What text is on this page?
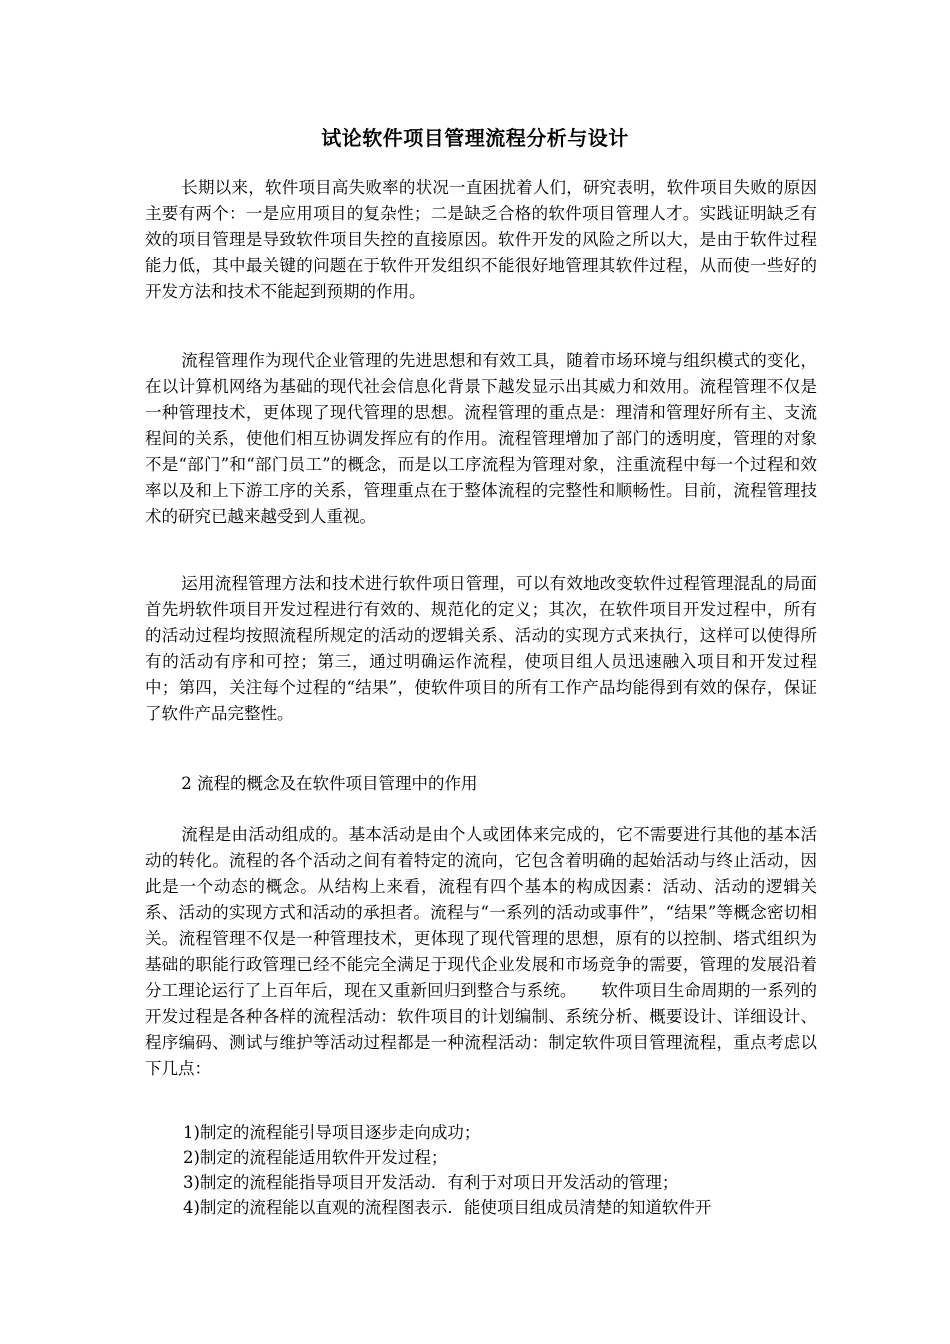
试论软件项目管理流程分析与设计

长期以来，软件项目高失败率的状况一直困扰着人们，研究表明，软件项目失败的原因主要有两个：一是应用项目的复杂性；二是缺乏合格的软件项目管理人才。实践证明缺乏有效的项目管理是导致软件项目失控的直接原因。软件开发的风险之所以大，是由于软件过程能力低，其中最关键的问题在于软件开发组织不能很好地管理其软件过程，从而使一些好的开发方法和技术不能起到预期的作用。

流程管理作为现代企业管理的先进思想和有效工具，随着市场环境与组织模式的变化，在以计算机网络为基础的现代社会信息化背景下越发显示出其威力和效用。流程管理不仅是一种管理技术，更体现了现代管理的思想。流程管理的重点是：理清和管理好所有主、支流程间的关系，使他们相互协调发挥应有的作用。流程管理增加了部门的透明度，管理的对象不是“部门”和“部门员工”的概念，而是以工序流程为管理对象，注重流程中每一个过程和效率以及和上下游工序的关系，管理重点在于整体流程的完整性和顺畅性。目前，流程管理技术的研究已越来越受到人重视。

运用流程管理方法和技术进行软件项日管理，可以有效地改变软件过程管理混乱的局面首先坍软件项目开发过程进行有效的、规范化的定义；其次，在软件项目开发过程中，所有的活动过程均按照流程所规定的活动的逻辑关系、活动的实现方式来执行，这样可以使得所有的活动有序和可控；第三，通过明确运作流程，使项目组人员迅速融入项目和开发过程中；第四，关注每个过程的“结果”，使软件项目的所有工作产品均能得到有效的保存，保证了软件产品完整性。

2 流程的概念及在软件项目管理中的作用

流程是由活动组成的。基本活动是由个人或团体来完成的，它不需要进行其他的基本活动的转化。流程的各个活动之间有着特定的流向，它包含着明确的起始活动与终止活动，因此是一个动态的概念。从结构上来看，流程有四个基本的构成因素：活动、活动的逻辑关系、活动的实现方式和活动的承担者。流程与“一系列的活动或事件”，“结果”等概念密切相关。流程管理不仅是一种管理技术，更体现了现代管理的思想，原有的以控制、塔式组织为基础的职能行政管理已经不能完全满足于现代企业发展和市场竞争的需要，管理的发展沿着分工理论运行了上百年后，现在又重新回归到整合与系统。　　软件项目生命周期的一系列的开发过程是各种各样的流程活动：软件项目的计划编制、系统分析、概要设计、详细设计、程序编码、测试与维护等活动过程都是一种流程活动：制定软件项目管理流程，重点考虑以下几点：

1)制定的流程能引导项目逐步走向成功；
2)制定的流程能适用软件开发过程；
3)制定的流程能指导项目开发活动．有利于对项日开发活动的管理；
4)制定的流程能以直观的流程图表示．能使项目组成员清楚的知道软件开
